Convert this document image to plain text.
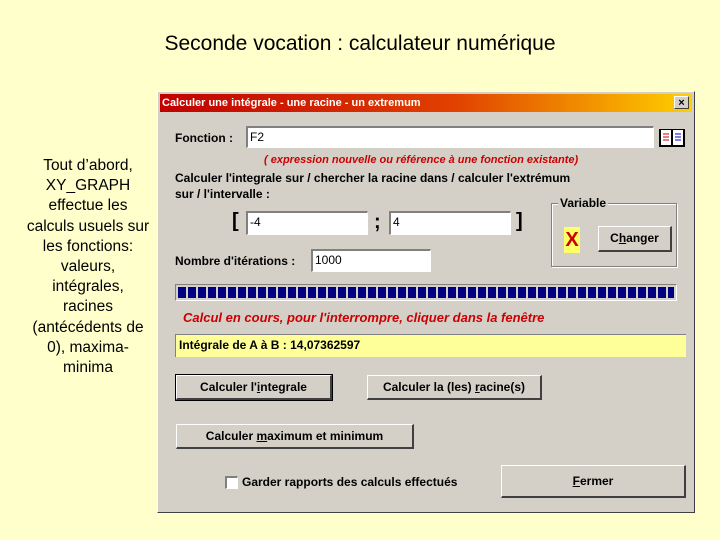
Seconde vocation : calculateur numérique
Tout d’abord, XY_GRAPH effectue les calculs usuels sur les fonctions: valeurs, intégrales, racines (antécédents de 0), maxima-minima
Calculer une intégrale - une racine - un extremum	×
Fonction :	F2
( expression nouvelle ou référence à une fonction existante)
Calculer l'integrale sur / chercher la racine dans / calculer l'extrémum
sur / l'intervalle :
[ -4	;	4	]
Variable
X	Changer
Nombre d'itérations :	1000
Calcul en cours, pour l'interrompre, cliquer dans la fenêtre
Intégrale de A à B : 14,07362597
Calculer l'integrale	Calculer la (les) racine(s)
Calculer maximum et minimum
Garder rapports des calculs effectués	Fermer
